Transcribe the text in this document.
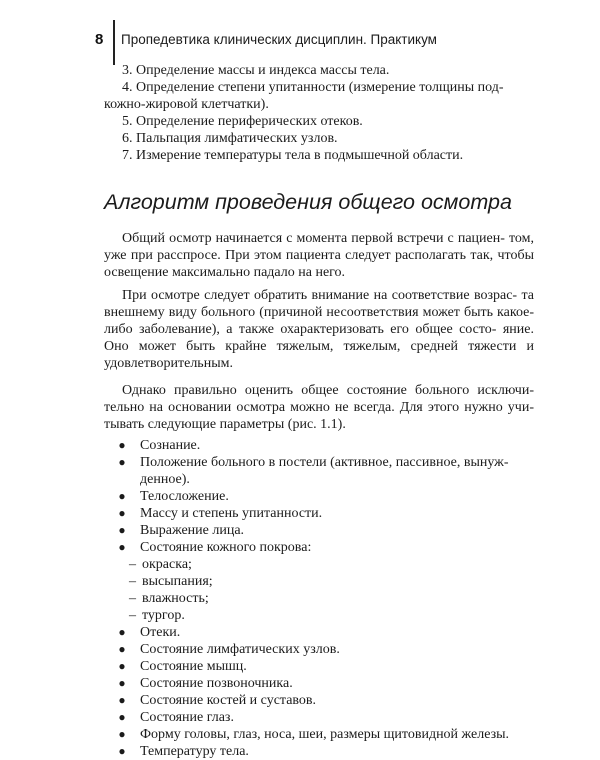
8 Пропедевтика клинических дисциплин. Практикум
3. Определение массы и индекса массы тела.
4. Определение степени упитанности (измерение толщины под-
кожно-жировой клетчатки).
5. Определение периферических отеков.
6. Пальпация лимфатических узлов.
7. Измерение температуры тела в подмышечной области.
Алгоритм проведения общего осмотра
Общий осмотр начинается с момента первой встречи с пациен- том, уже при расспросе. При этом пациента следует располагать так, чтобы освещение максимально падало на него.
При осмотре следует обратить внимание на соответствие возрас- та внешнему виду больного (причиной несоответствия может быть какое-либо заболевание), а также охарактеризовать его общее состо- яние. Оно может быть крайне тяжелым, тяжелым, средней тяжести и удовлетворительным.
Однако правильно оценить общее состояние больного исключи- тельно на основании осмотра можно не всегда. Для этого нужно учи- тывать следующие параметры (рис. 1.1).
●	Сознание.
●	Положение больного в постели (активное, пассивное, вынуж- денное).
●	Телосложение.
●	Массу и степень упитанности.
●	Выражение лица.
●	Состояние кожного покрова:
– окраска;
– высыпания;
– влажность;
– тургор.
●	Отеки.
●	Состояние лимфатических узлов.
●	Состояние мышц.
●	Состояние позвоночника.
●	Состояние костей и суставов.
●	Состояние глаз.
●	Форму головы, глаз, носа, шеи, размеры щитовидной железы.
●	Температуру тела.
